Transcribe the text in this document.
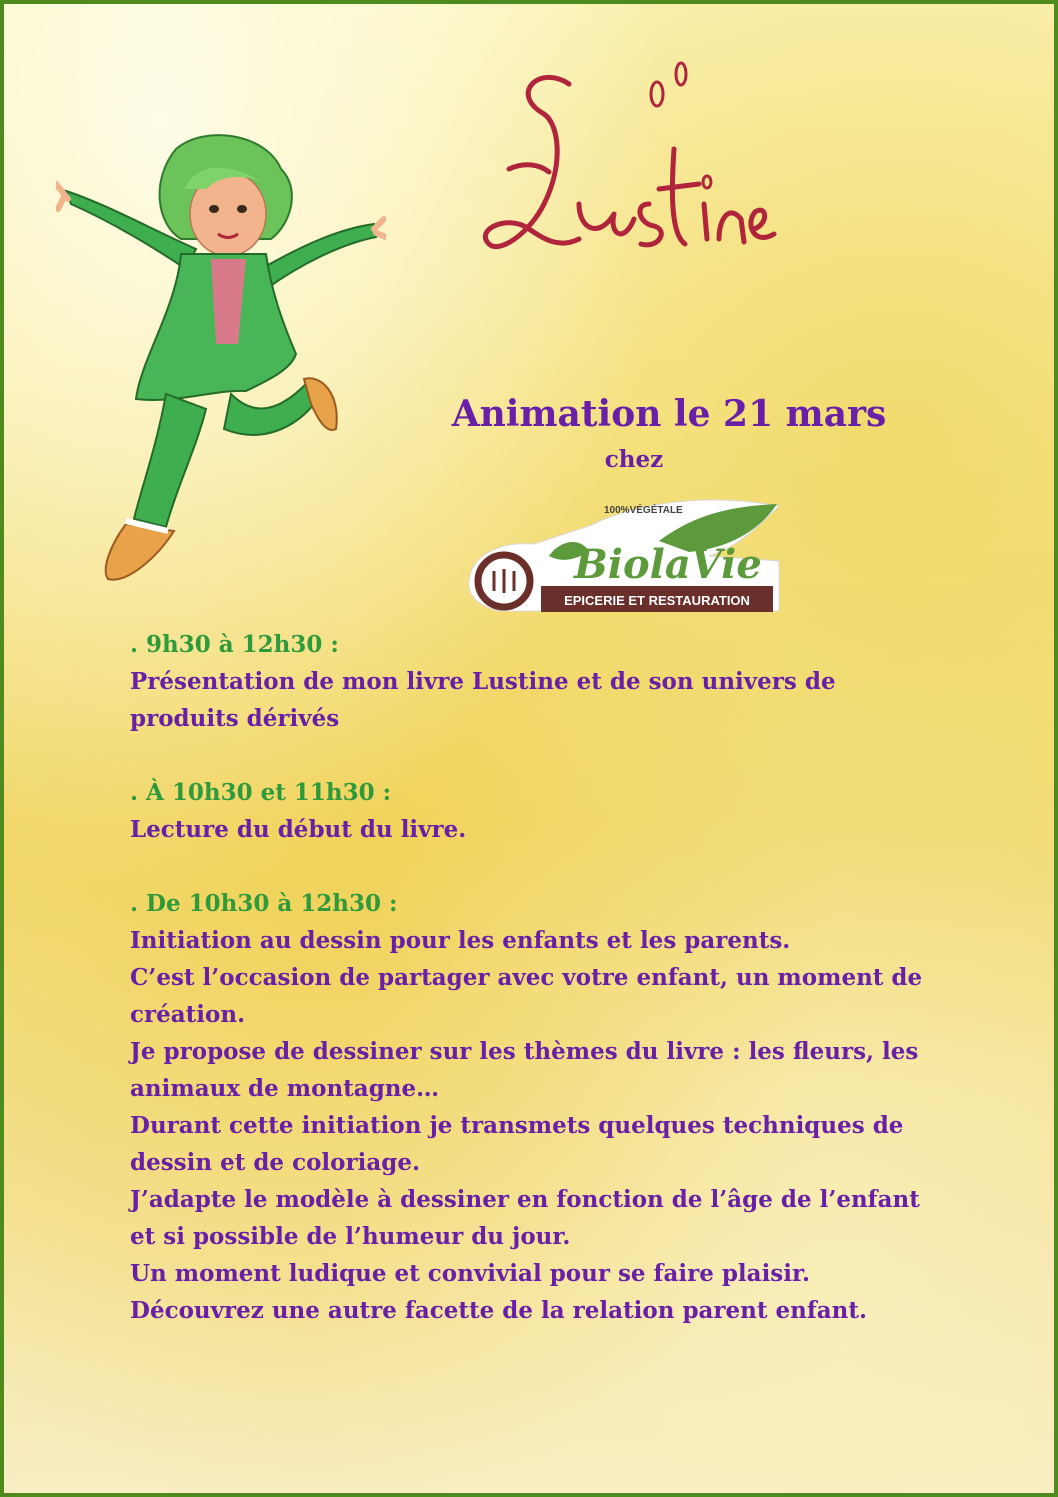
Animation le 21 mars
chez
EPICERIE ET RESTAURATION
100%VÉGÉTALE
BiolaVie
. 9h30 à 12h30 :
Présentation de mon livre Lustine et de son univers de
produits dérivés
. À 10h30 et 11h30 :
Lecture du début du livre.
. De 10h30 à 12h30 :
Initiation au dessin pour les enfants et les parents.
C’est l’occasion de partager avec votre enfant, un moment de
création.
Je propose de dessiner sur les thèmes du livre : les fleurs, les
animaux de montagne…
Durant cette initiation je transmets quelques techniques de
dessin et de coloriage.
J’adapte le modèle à dessiner en fonction de l’âge de l’enfant
et si possible de l’humeur du jour.
Un moment ludique et convivial pour se faire plaisir.
Découvrez une autre facette de la relation parent enfant.
